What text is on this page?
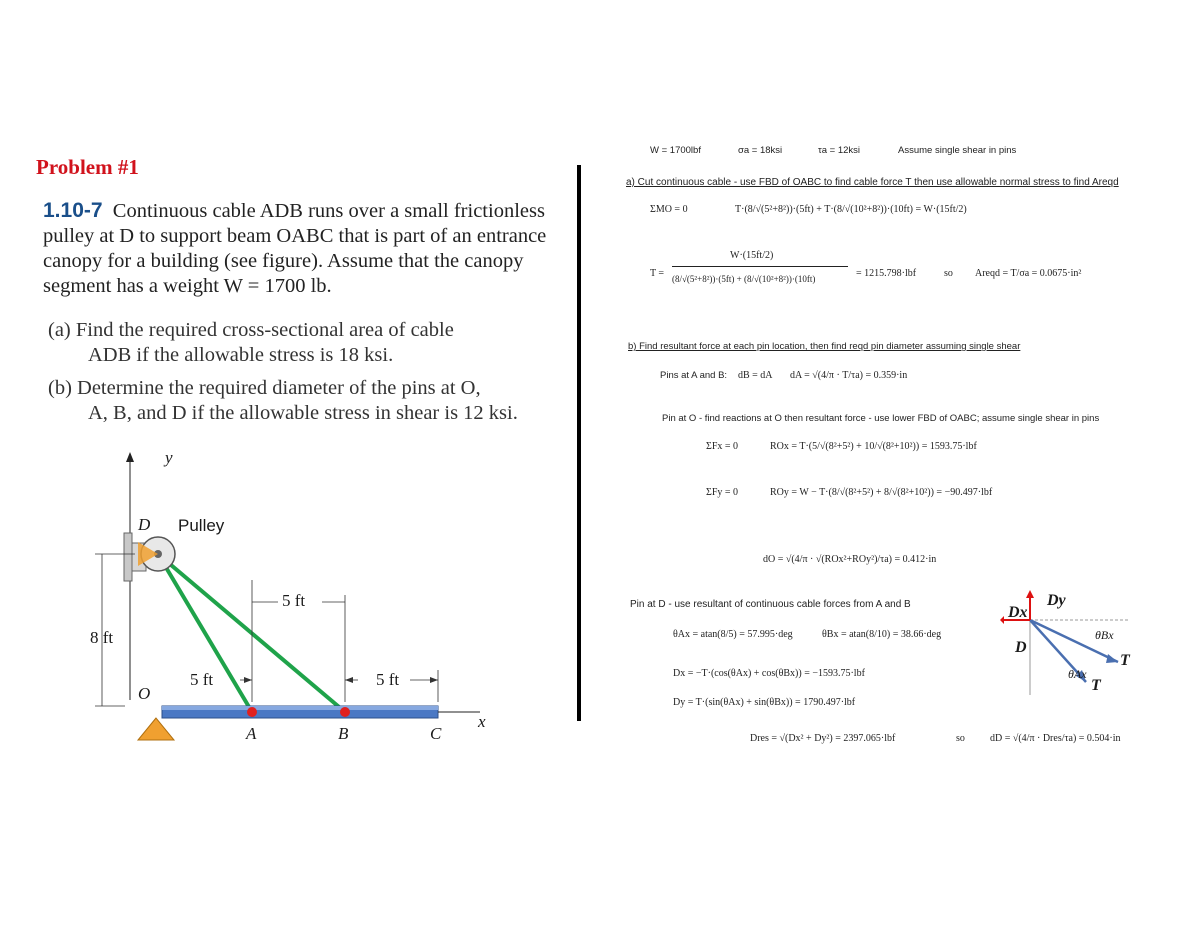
Problem #1
1.10-7 Continuous cable ADB runs over a small frictionless pulley at D to support beam OABC that is part of an entrance canopy for a building (see figure). Assume that the canopy segment has a weight W = 1700 lb.
(a) Find the required cross-sectional area of cable
ADB if the allowable stress is 18 ksi.
(b) Determine the required diameter of the pins at O,
A, B, and D if the allowable stress in shear is 12 ksi.
y
D Pulley
5 ft
8 ft
5 ft	5 ft
O
A	B	C
x
W = 1700lbf	σa = 18ksi	τa = 12ksi	Assume single shear in pins
a) Cut continuous cable - use FBD of OABC to find cable force T then use allowable normal stress to find Areqd
ΣMO = 0	T·(8/√(5²+8²))·(5ft) + T·(8/√(10²+8²))·(10ft) = W·(15ft/2)
T =
W·(15ft/2)
(8/√(5²+8²))·(5ft) + (8/√(10²+8²))·(10ft)	= 1215.798·lbf	so Areqd = T/σa = 0.0675·in²
b) Find resultant force at each pin location, then find reqd pin diameter assuming single shear
Pins at A and B: dB = dA dA = √(4/π · T/τa) = 0.359·in
Pin at O - find reactions at O then resultant force - use lower FBD of OABC; assume single shear in pins
ΣFx = 0	ROx = T·(5/√(8²+5²) + 10/√(8²+10²)) = 1593.75·lbf
ΣFy = 0	ROy = W − T·(8/√(8²+5²) + 8/√(8²+10²)) = −90.497·lbf
dO = √(4/π · √(ROx²+ROy²)/τa) = 0.412·in
Pin at D - use resultant of continuous cable forces from A and B
θAx = atan(8/5) = 57.995·deg	θBx = atan(8/10) = 38.66·deg
Dx = −T·(cos(θAx) + cos(θBx)) = −1593.75·lbf
Dy = T·(sin(θAx) + sin(θBx)) = 1790.497·lbf
Dres = √(Dx² + Dy²) = 2397.065·lbf	so	dD = √(4/π · Dres/τa) = 0.504·in
Dx
Dy
D
θBx
θAx
T
T
